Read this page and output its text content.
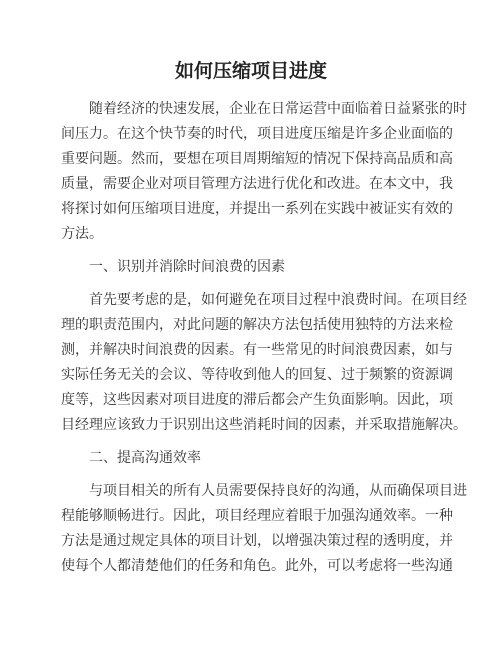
如何压缩项目进度
随着经济的快速发展，企业在日常运营中面临着日益紧张的时
间压力。在这个快节奏的时代，项目进度压缩是许多企业面临的
重要问题。然而，要想在项目周期缩短的情况下保持高品质和高
质量，需要企业对项目管理方法进行优化和改进。在本文中，我
将探讨如何压缩项目进度，并提出一系列在实践中被证实有效的
方法。
一、识别并消除时间浪费的因素
首先要考虑的是，如何避免在项目过程中浪费时间。在项目经
理的职责范围内，对此问题的解决方法包括使用独特的方法来检
测，并解决时间浪费的因素。有一些常见的时间浪费因素，如与
实际任务无关的会议、等待收到他人的回复、过于频繁的资源调
度等，这些因素对项目进度的滞后都会产生负面影响。因此，项
目经理应该致力于识别出这些消耗时间的因素，并采取措施解决。
二、提高沟通效率
与项目相关的所有人员需要保持良好的沟通，从而确保项目进
程能够顺畅进行。因此，项目经理应着眼于加强沟通效率。一种
方法是通过规定具体的项目计划，以增强决策过程的透明度，并
使每个人都清楚他们的任务和角色。此外，可以考虑将一些沟通
